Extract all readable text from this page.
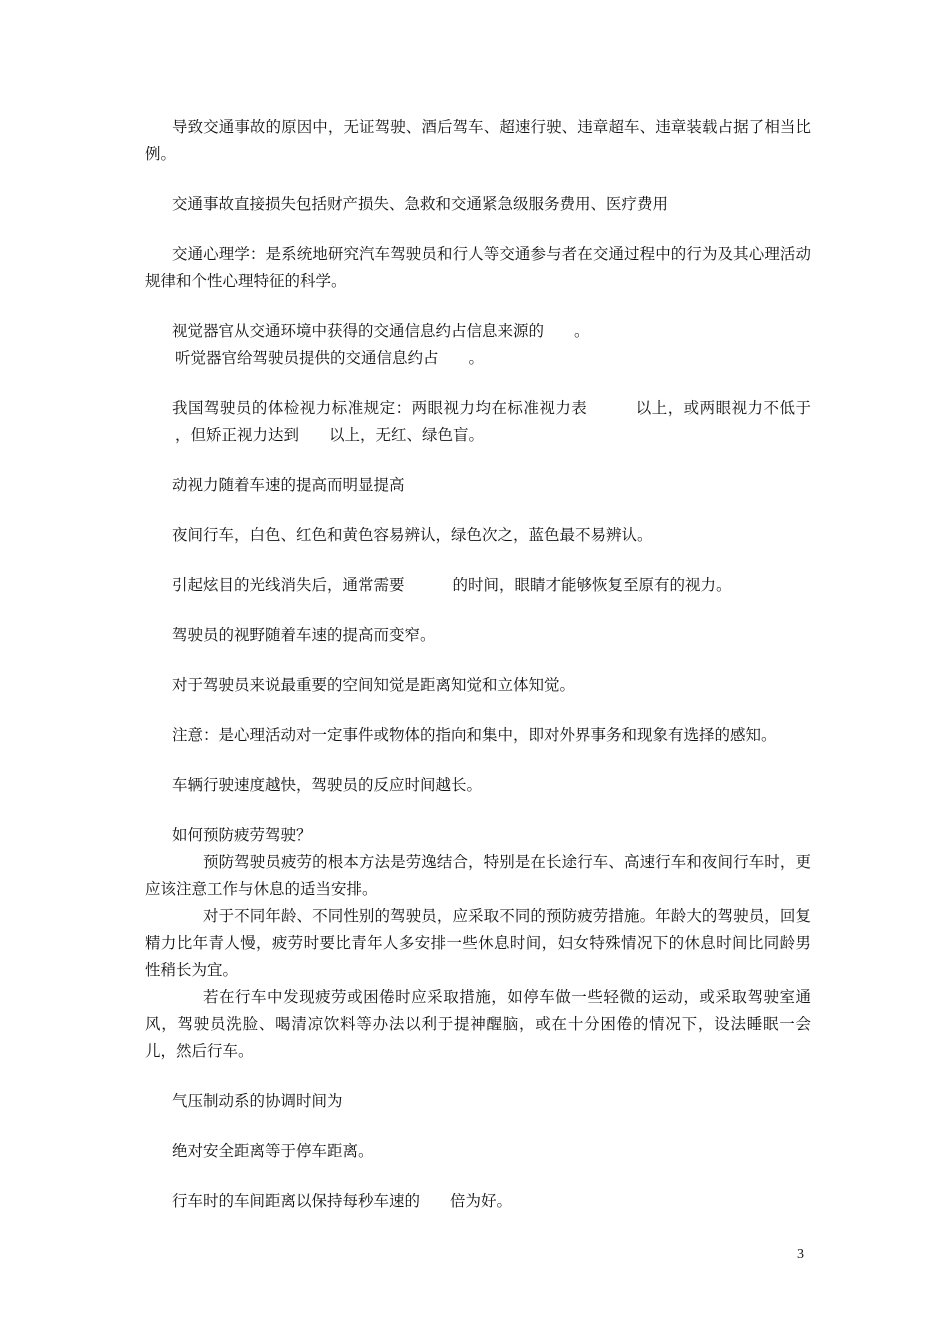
导致交通事故的原因中，无证驾驶、酒后驾车、超速行驶、违章超车、违章装载占据了相当比例。

交通事故直接损失包括财产损失、急救和交通紧急级服务费用、医疗费用

交通心理学：是系统地研究汽车驾驶员和行人等交通参与者在交通过程中的行为及其心理活动规律和个性心理特征的科学。

视觉器官从交通环境中获得的交通信息约占信息来源的 。

听觉器官给驾驶员提供的交通信息约占 。

我国驾驶员的体检视力标准规定：两眼视力均在标准视力表	以上，或两眼视力不低于，但矫正视力达到 以上，无红、绿色盲。

动视力随着车速的提高而明显提高

夜间行车，白色、红色和黄色容易辨认，绿色次之，蓝色最不易辨认。

引起炫目的光线消失后，通常需要	的时间，眼睛才能够恢复至原有的视力。

驾驶员的视野随着车速的提高而变窄。

对于驾驶员来说最重要的空间知觉是距离知觉和立体知觉。

注意：是心理活动对一定事件或物体的指向和集中，即对外界事务和现象有选择的感知。

车辆行驶速度越快，驾驶员的反应时间越长。

如何预防疲劳驾驶？

预防驾驶员疲劳的根本方法是劳逸结合，特别是在长途行车、高速行车和夜间行车时，更应该注意工作与休息的适当安排。

对于不同年龄、不同性别的驾驶员，应采取不同的预防疲劳措施。年龄大的驾驶员，回复精力比年青人慢，疲劳时要比青年人多安排一些休息时间，妇女特殊情况下的休息时间比同龄男性稍长为宜。

若在行车中发现疲劳或困倦时应采取措施，如停车做一些轻微的运动，或采取驾驶室通风，驾驶员洗脸、喝清凉饮料等办法以利于提神醒脑，或在十分困倦的情况下，设法睡眠一会儿，然后行车。

气压制动系的协调时间为

绝对安全距离等于停车距离。

行车时的车间距离以保持每秒车速的 倍为好。

3
